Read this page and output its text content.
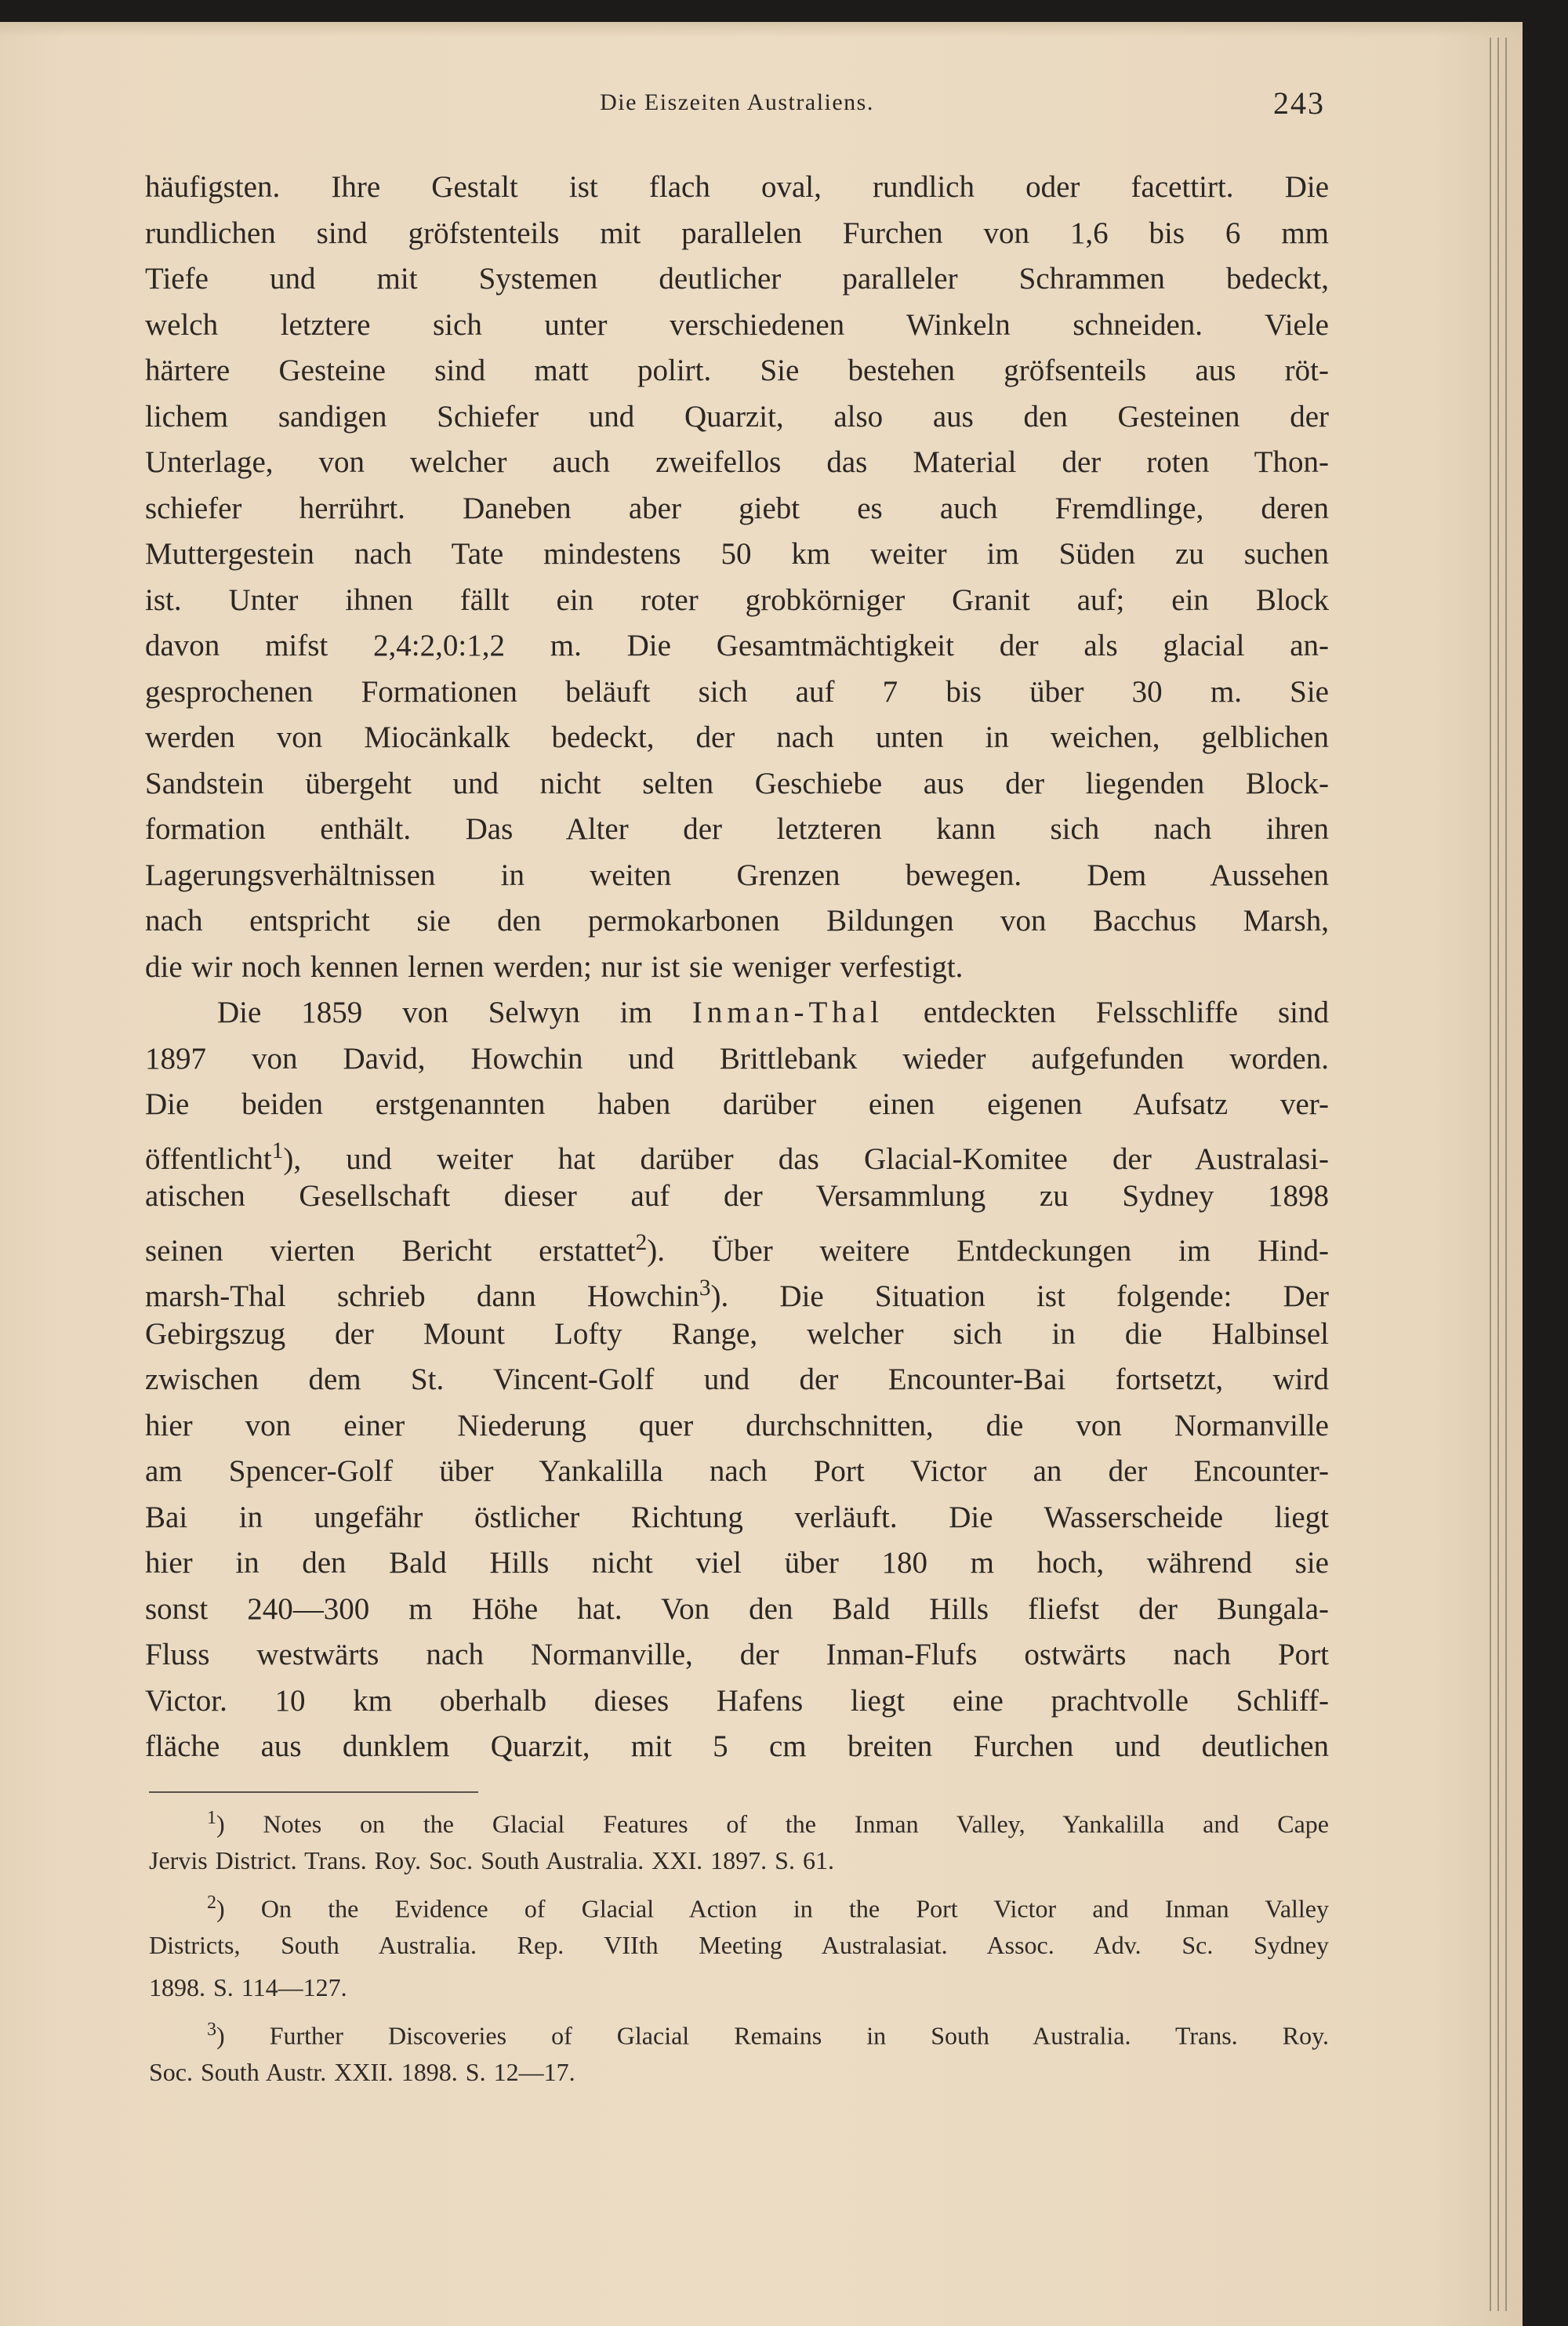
Die Eiszeiten Australiens.	243
häufigsten. Ihre Gestalt ist flach oval, rundlich oder facettirt. Die
rundlichen sind gröfstenteils mit parallelen Furchen von 1,6 bis 6 mm
Tiefe und mit Systemen deutlicher paralleler Schrammen bedeckt,
welch letztere sich unter verschiedenen Winkeln schneiden. Viele
härtere Gesteine sind matt polirt. Sie bestehen gröfsenteils aus röt-
lichem sandigen Schiefer und Quarzit, also aus den Gesteinen der
Unterlage, von welcher auch zweifellos das Material der roten Thon-
schiefer herrührt. Daneben aber giebt es auch Fremdlinge, deren
Muttergestein nach Tate mindestens 50 km weiter im Süden zu suchen
ist. Unter ihnen fällt ein roter grobkörniger Granit auf; ein Block
davon mifst 2,4:2,0:1,2 m. Die Gesamtmächtigkeit der als glacial an-
gesprochenen Formationen beläuft sich auf 7 bis über 30 m. Sie
werden von Miocänkalk bedeckt, der nach unten in weichen, gelblichen
Sandstein übergeht und nicht selten Geschiebe aus der liegenden Block-
formation enthält. Das Alter der letzteren kann sich nach ihren
Lagerungsverhältnissen in weiten Grenzen bewegen. Dem Aussehen
nach entspricht sie den permokarbonen Bildungen von Bacchus Marsh,
die wir noch kennen lernen werden; nur ist sie weniger verfestigt.
Die 1859 von Selwyn im Inman-Thal entdeckten Felsschliffe sind
1897 von David, Howchin und Brittlebank wieder aufgefunden worden.
Die beiden erstgenannten haben darüber einen eigenen Aufsatz ver-
öffentlicht$^1$), und weiter hat darüber das Glacial-Komitee der Australasi-
atischen Gesellschaft dieser auf der Versammlung zu Sydney 1898
seinen vierten Bericht erstattet$^2$). Über weitere Entdeckungen im Hind-
marsh-Thal schrieb dann Howchin$^3$). Die Situation ist folgende: Der
Gebirgszug der Mount Lofty Range, welcher sich in die Halbinsel
zwischen dem St. Vincent-Golf und der Encounter-Bai fortsetzt, wird
hier von einer Niederung quer durchschnitten, die von Normanville
am Spencer-Golf über Yankalilla nach Port Victor an der Encounter-
Bai in ungefähr östlicher Richtung verläuft. Die Wasserscheide liegt
hier in den Bald Hills nicht viel über 180 m hoch, während sie
sonst 240—300 m Höhe hat. Von den Bald Hills fliefst der Bungala-
Fluss westwärts nach Normanville, der Inman-Flufs ostwärts nach Port
Victor. 10 km oberhalb dieses Hafens liegt eine prachtvolle Schliff-
fläche aus dunklem Quarzit, mit 5 cm breiten Furchen und deutlichen
$^1$) Notes on the Glacial Features of the Inman Valley, Yankalilla and Cape
Jervis District. Trans. Roy. Soc. South Australia. XXI. 1897. S. 61.
$^2$) On the Evidence of Glacial Action in the Port Victor and Inman Valley
Districts, South Australia. Rep. VIIth Meeting Australasiat. Assoc. Adv. Sc. Sydney
1898. S. 114—127.
$^3$) Further Discoveries of Glacial Remains in South Australia. Trans. Roy.
Soc. South Austr. XXII. 1898. S. 12—17.
